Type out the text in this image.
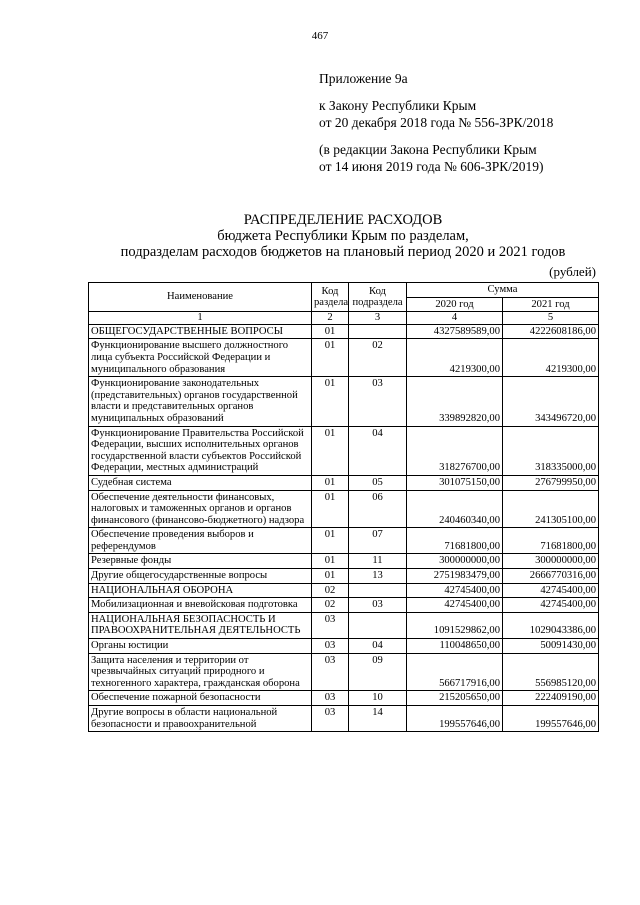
467
Приложение 9а
к Закону Республики Крым
от 20 декабря 2018 года № 556-ЗРК/2018
(в редакции Закона Республики Крым
от 14 июня 2019 года № 606-ЗРК/2019)
РАСПРЕДЕЛЕНИЕ РАСХОДОВ
бюджета Республики Крым по разделам,
подразделам расходов бюджетов на плановый период 2020 и 2021 годов
(рублей)
Наименование	Код раздела	Код подраздела	Сумма	
			2020 год	2021 год
1	2	3	4	5
ОБЩЕГОСУДАРСТВЕННЫЕ ВОПРОСЫ	01		4327589589,00	4222608186,00
Функционирование высшего должностного лица субъекта Российской Федерации и муниципального образования	01	02	4219300,00	4219300,00
Функционирование законодательных (представительных) органов государственной власти и представительных органов муниципальных образований	01	03	339892820,00	343496720,00
Функционирование Правительства Российской Федерации, высших исполнительных органов государственной власти субъектов Российской Федерации, местных администраций	01	04	318276700,00	318335000,00
Судебная система	01	05	301075150,00	276799950,00
Обеспечение деятельности финансовых, налоговых и таможенных органов и органов финансового (финансово-бюджетного) надзора	01	06	240460340,00	241305100,00
Обеспечение проведения выборов и референдумов	01	07	71681800,00	71681800,00
Резервные фонды	01	11	300000000,00	300000000,00
Другие общегосударственные вопросы	01	13	2751983479,00	2666770316,00
НАЦИОНАЛЬНАЯ ОБОРОНА	02		42745400,00	42745400,00
Мобилизационная и вневойсковая подготовка	02	03	42745400,00	42745400,00
НАЦИОНАЛЬНАЯ БЕЗОПАСНОСТЬ И ПРАВООХРАНИТЕЛЬНАЯ ДЕЯТЕЛЬНОСТЬ	03		1091529862,00	1029043386,00
Органы юстиции	03	04	110048650,00	50091430,00
Защита населения и территории от чрезвычайных ситуаций природного и техногенного характера, гражданская оборона	03	09	566717916,00	556985120,00
Обеспечение пожарной безопасности	03	10	215205650,00	222409190,00
Другие вопросы в области национальной безопасности и правоохранительной	03	14	199557646,00	199557646,00
